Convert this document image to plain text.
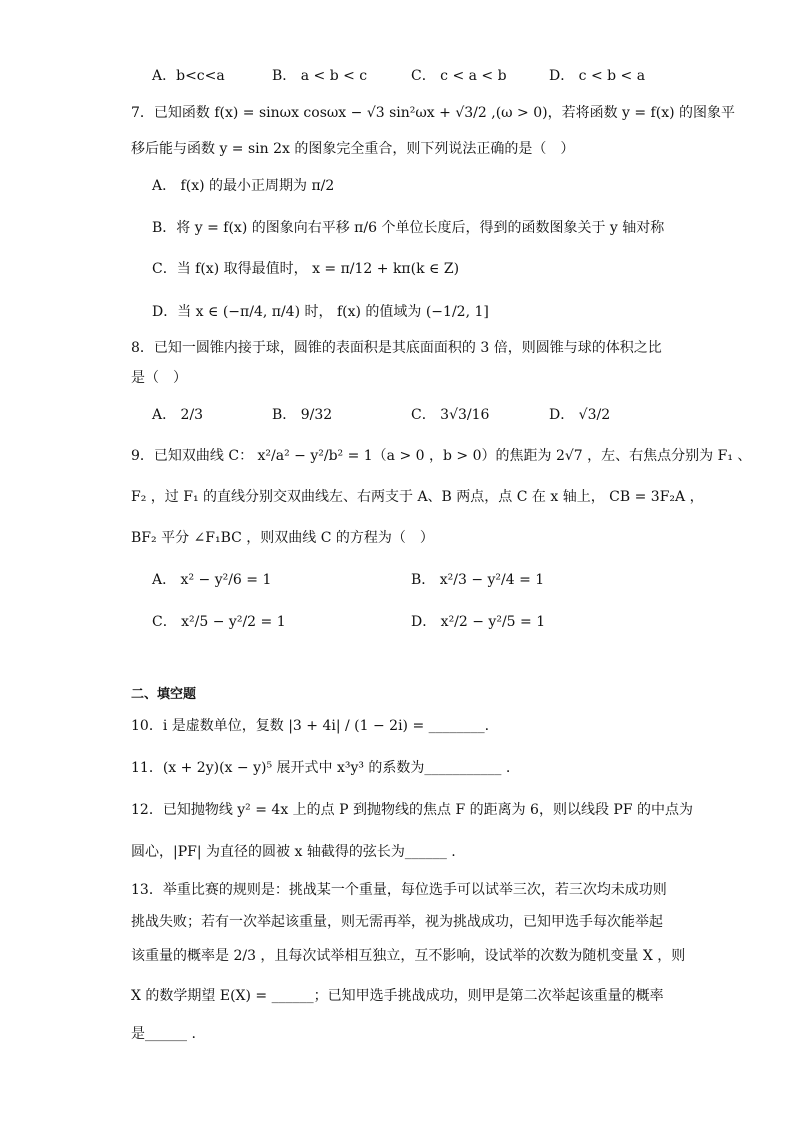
A．b<c<a	B． a < b < c	C． c < a < b	D． c < b < a
7．已知函数 f(x) = sinωx cosωx − √3 sin²ωx + √3/2 ,(ω > 0)，若将函数 y = f(x) 的图象平
移后能与函数 y = sin 2x 的图象完全重合，则下列说法正确的是（　）
A． f(x) 的最小正周期为 π/2
B．将 y = f(x) 的图象向右平移 π/6 个单位长度后，得到的函数图象关于 y 轴对称
C．当 f(x) 取得最值时， x = π/12 + kπ(k ∈ Z)
D．当 x ∈ (−π/4, π/4) 时， f(x) 的值域为 (−1/2, 1]
8．已知一圆锥内接于球，圆锥的表面积是其底面面积的 3 倍，则圆锥与球的体积之比
是（　）
A． 2/3	B． 9/32	C． 3√3/16	D． √3/2
9．已知双曲线 C： x²/a² − y²/b² = 1（a > 0 ，b > 0）的焦距为 2√7 ，左、右焦点分别为 F₁ 、
F₂ ，过 F₁ 的直线分别交双曲线左、右两支于 A、B 两点，点 C 在 x 轴上， CB = 3F₂A ，
BF₂ 平分 ∠F₁BC ，则双曲线 C 的方程为（　）
A． x² − y²/6 = 1	B． x²/3 − y²/4 = 1
C． x²/5 − y²/2 = 1	D． x²/2 − y²/5 = 1
二、填空题
10．i 是虚数单位，复数 |3 + 4i| / (1 − 2i) = ________.
11．(x + 2y)(x − y)⁵ 展开式中 x³y³ 的系数为___________ .
12．已知抛物线 y² = 4x 上的点 P 到抛物线的焦点 F 的距离为 6，则以线段 PF 的中点为
圆心，|PF| 为直径的圆被 x 轴截得的弦长为______ .
13．举重比赛的规则是：挑战某一个重量，每位选手可以试举三次，若三次均未成功则
挑战失败；若有一次举起该重量，则无需再举，视为挑战成功，已知甲选手每次能举起
该重量的概率是 2/3 ，且每次试举相互独立，互不影响，设试举的次数为随机变量 X ，则
X 的数学期望 E(X) = ______；已知甲选手挑战成功，则甲是第二次举起该重量的概率
是______ .
